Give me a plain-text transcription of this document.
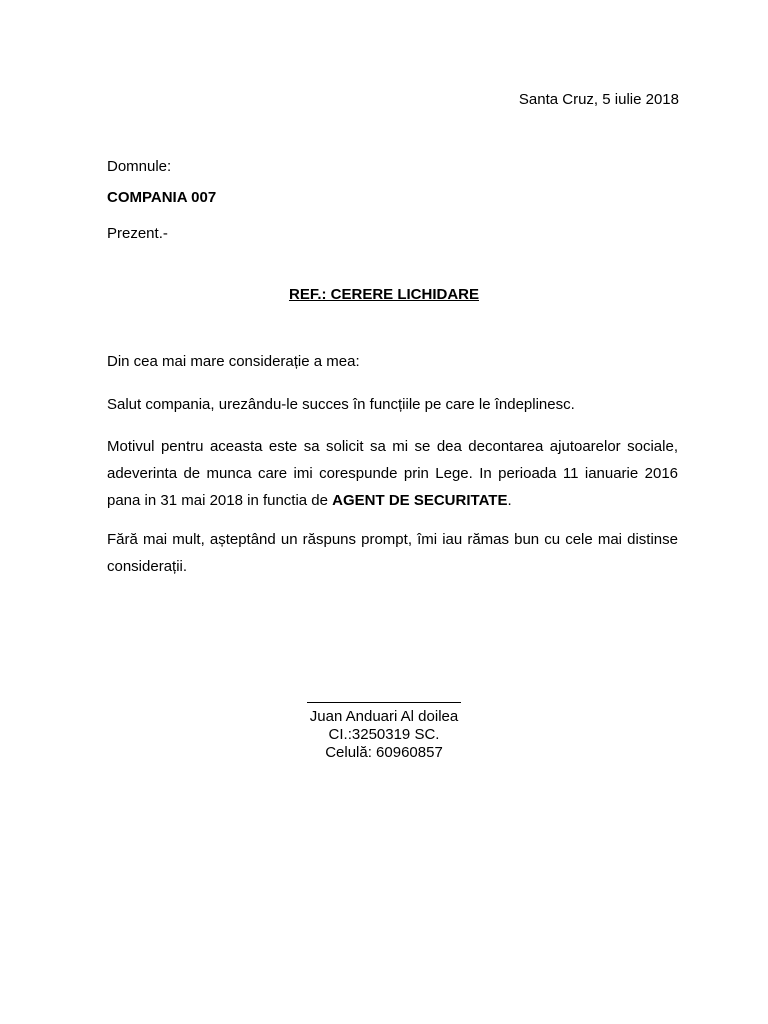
Santa Cruz, 5 iulie 2018
Domnule:
COMPANIA 007
Prezent.-
REF.: CERERE LICHIDARE
Din cea mai mare considerație a mea:
Salut compania, urezându-le succes în funcțiile pe care le îndeplinesc.
Motivul pentru aceasta este sa solicit sa mi se dea decontarea ajutoarelor sociale, adeverinta de munca care imi corespunde prin Lege. In perioada 11 ianuarie 2016 pana in 31 mai 2018 in functia de AGENT DE SECURITATE.
Fără mai mult, așteptând un răspuns prompt, îmi iau rămas bun cu cele mai distinse considerații.
Juan Anduari Al doilea
CI.:3250319 SC.
Celulă: 60960857
